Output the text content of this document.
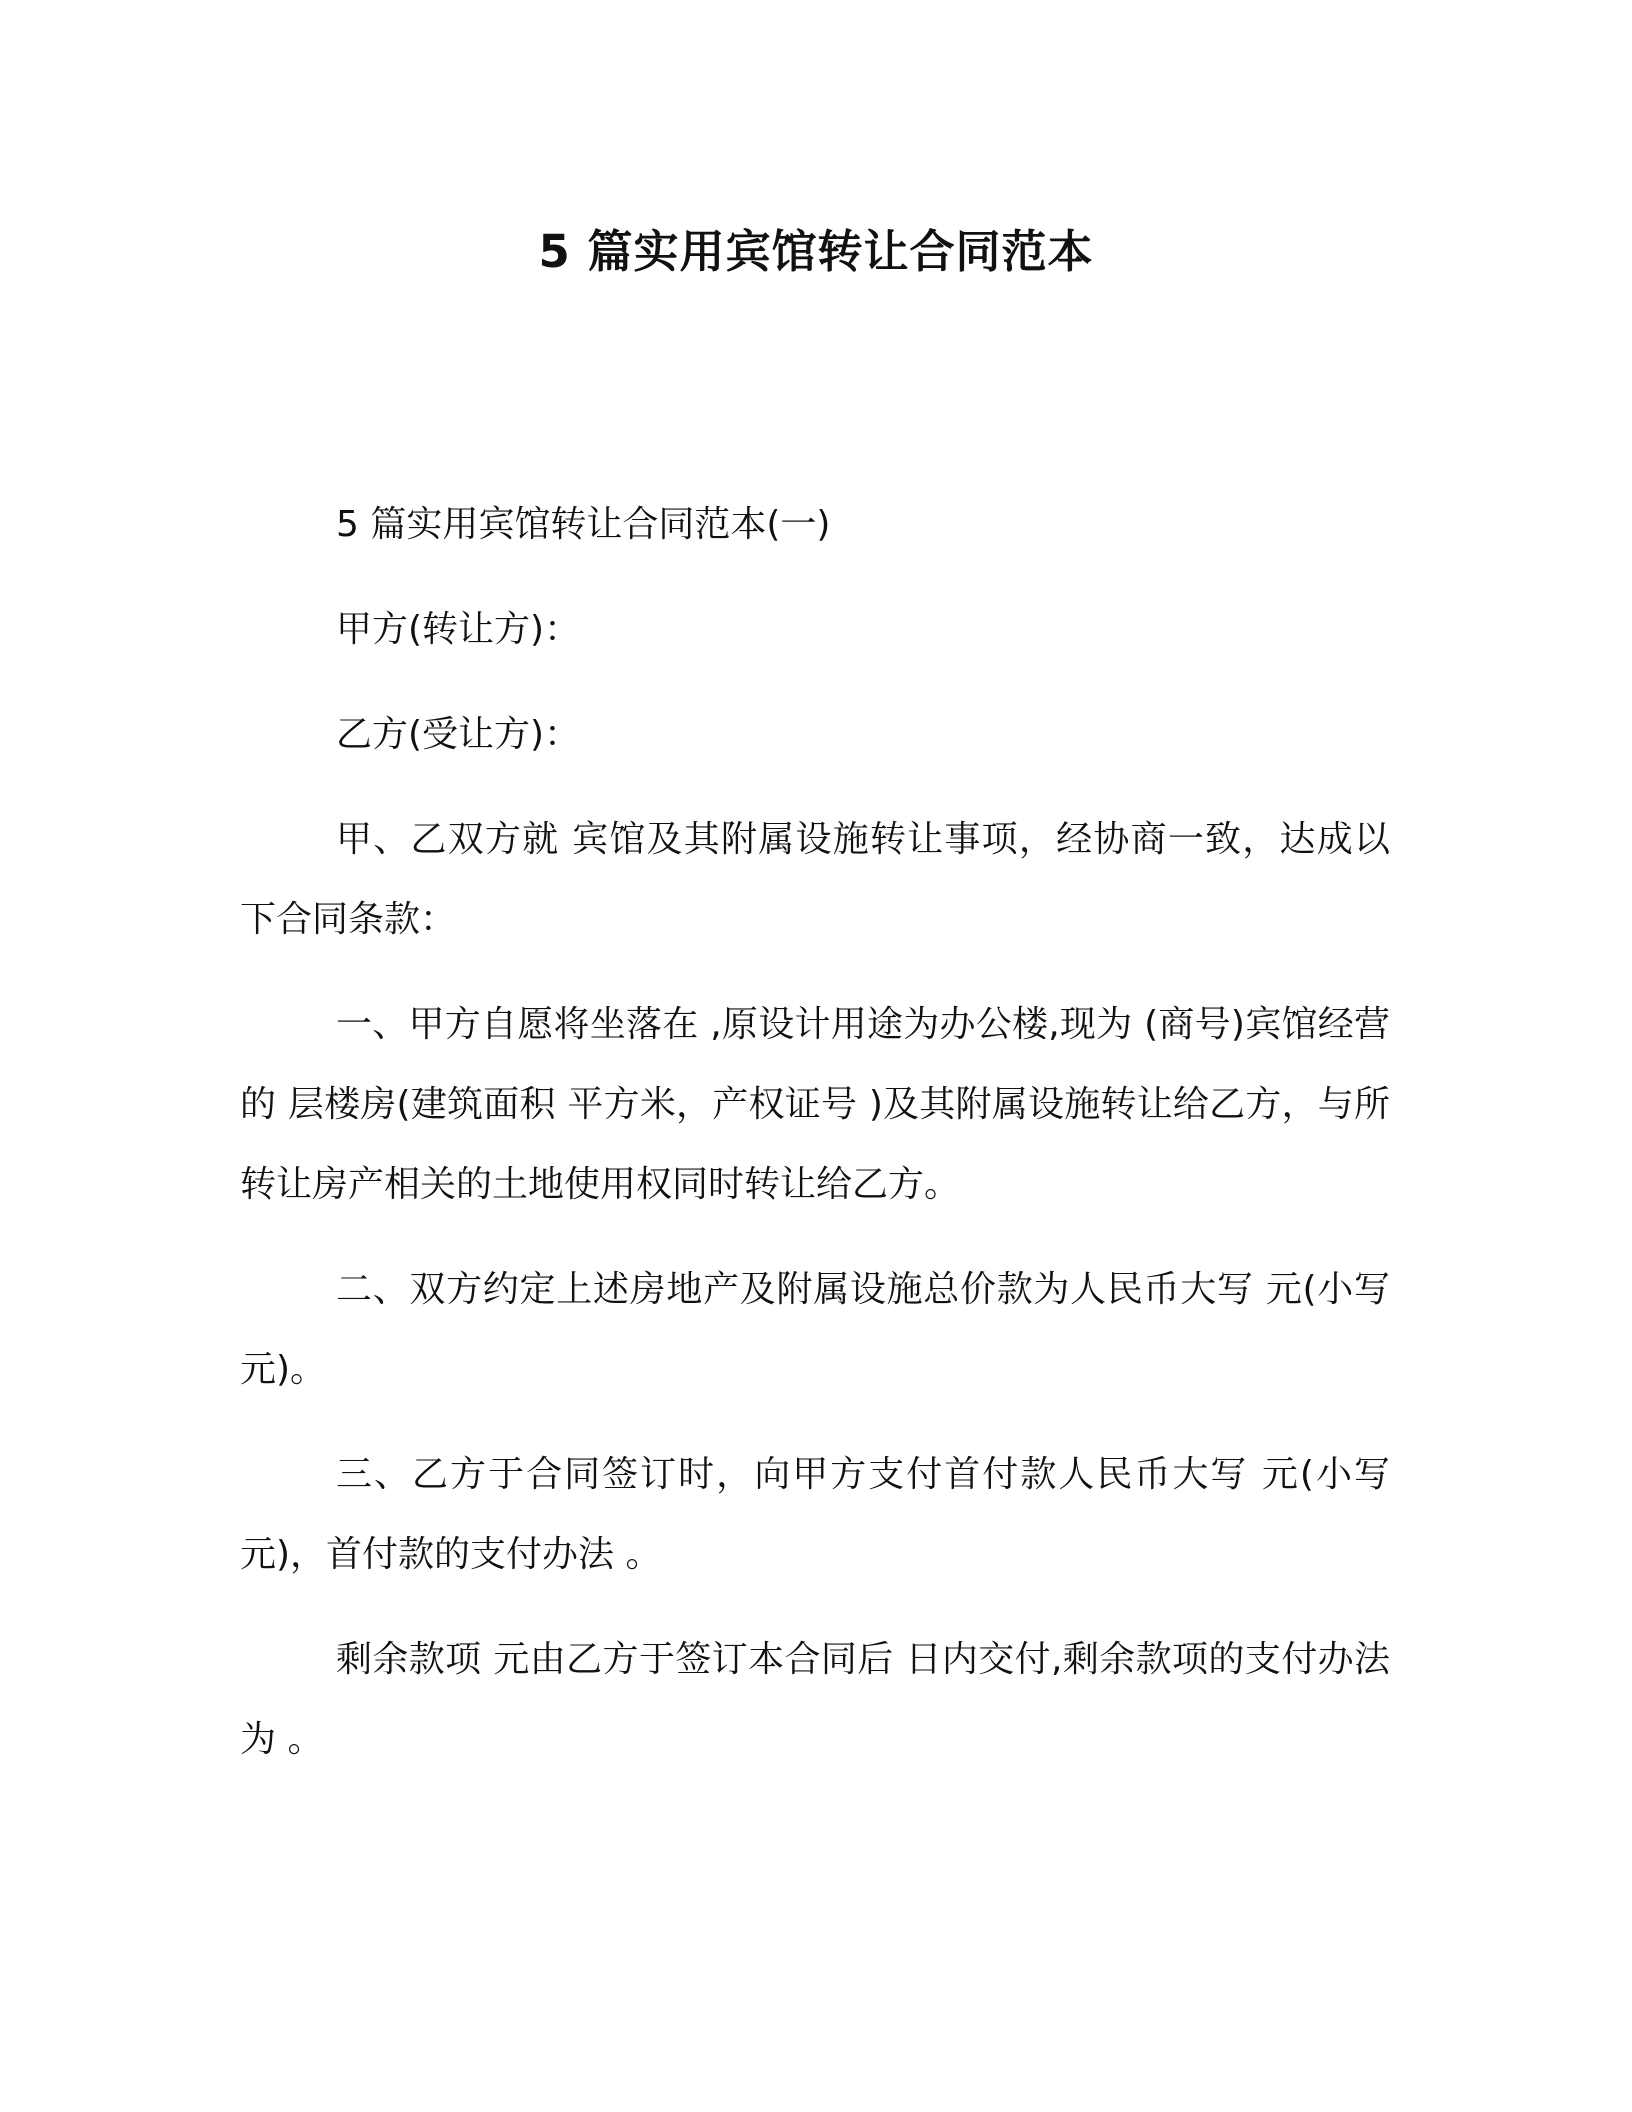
5 篇实用宾馆转让合同范本

5 篇实用宾馆转让合同范本(一)

甲方(转让方)：

乙方(受让方)：

甲、乙双方就 宾馆及其附属设施转让事项，经协商一致，达成以下合同条款：

一、甲方自愿将坐落在 ,原设计用途为办公楼,现为 (商号)宾馆经营的 层楼房(建筑面积 平方米，产权证号 )及其附属设施转让给乙方，与所转让房产相关的土地使用权同时转让给乙方。

二、双方约定上述房地产及附属设施总价款为人民币大写 元(小写 元)。

三、乙方于合同签订时，向甲方支付首付款人民币大写 元(小写元)，首付款的支付办法 。

剩余款项 元由乙方于签订本合同后 日内交付,剩余款项的支付办法为 。
